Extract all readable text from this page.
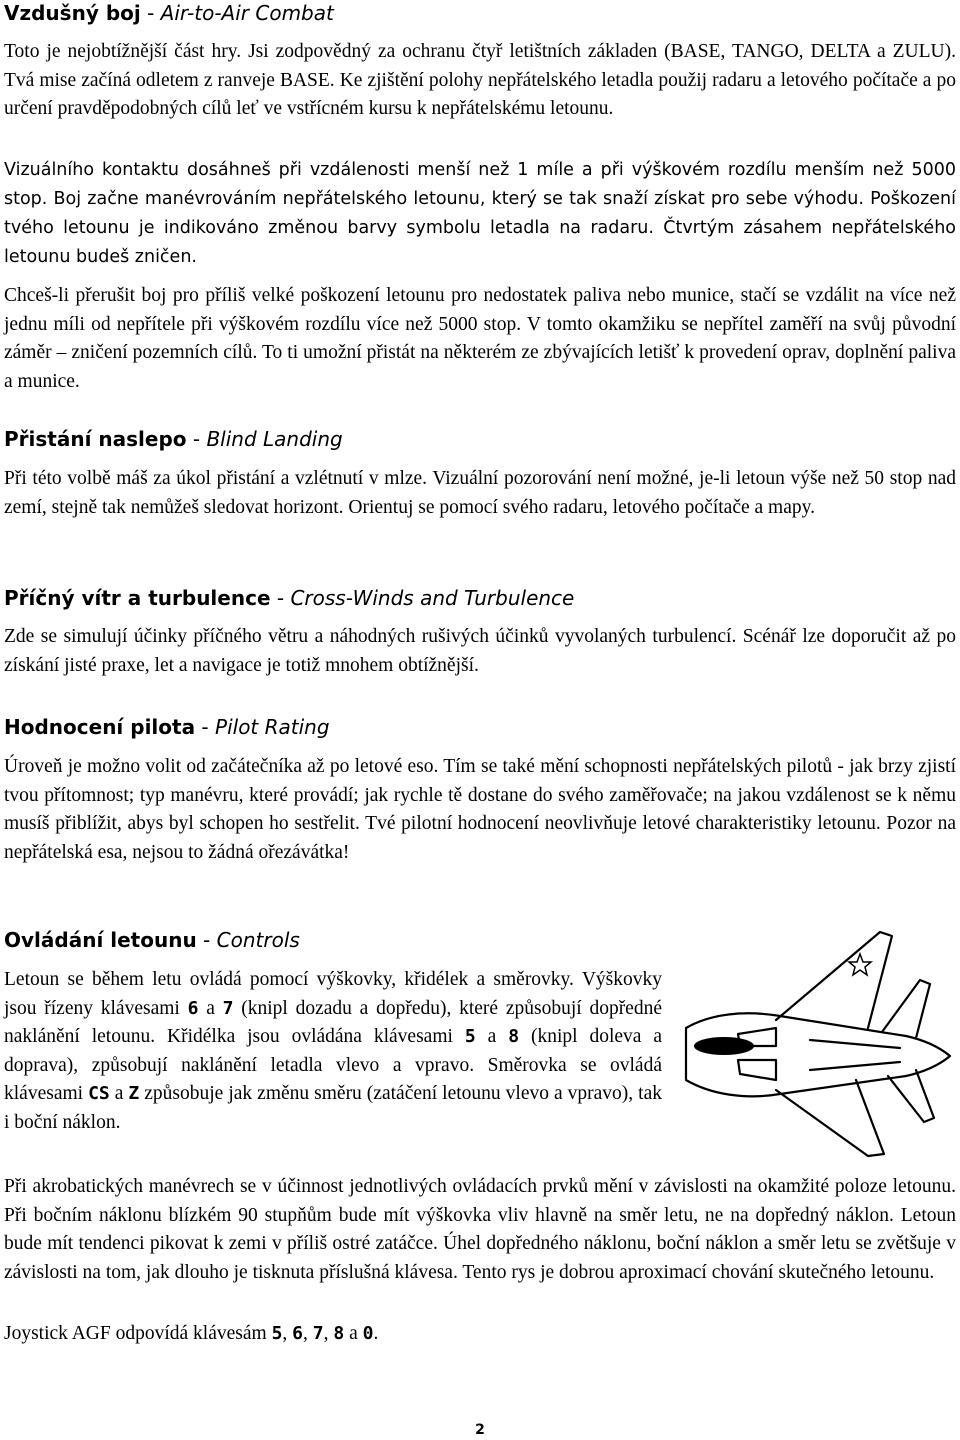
Vzdušný boj - Air-to-Air Combat

Toto je nejobtížnější část hry. Jsi zodpovědný za ochranu čtyř letištních základen (BASE, TANGO, DELTA a ZULU). Tvá mise začíná odletem z ranveje BASE. Ke zjištění polohy nepřátelského letadla použij radaru a letového počítače a po určení pravděpodobných cílů leť ve vstřícném kursu k nepřátelskému letounu.

Vizuálního kontaktu dosáhneš při vzdálenosti menší než 1 míle a při výškovém rozdílu menším než 5000 stop. Boj začne manévrováním nepřátelského letounu, který se tak snaží získat pro sebe výhodu. Poškození tvého letounu je indikováno změnou barvy symbolu letadla na radaru. Čtvrtým zásahem nepřátelského letounu budeš zničen.

Chceš-li přerušit boj pro příliš velké poškození letounu pro nedostatek paliva nebo munice, stačí se vzdálit na více než jednu míli od nepřítele při výškovém rozdílu více než 5000 stop. V tomto okamžiku se nepřítel zaměří na svůj původní záměr – zničení pozemních cílů. To ti umožní přistát na některém ze zbývajících letišť k provedení oprav, doplnění paliva a munice.

Přistání naslepo - Blind Landing

Při této volbě máš za úkol přistání a vzlétnutí v mlze. Vizuální pozorování není možné, je-li letoun výše než 50 stop nad zemí, stejně tak nemůžeš sledovat horizont. Orientuj se pomocí svého radaru, letového počítače a mapy.

Příčný vítr a turbulence - Cross-Winds and Turbulence

Zde se simulují účinky příčného větru a náhodných rušivých účinků vyvolaných turbulencí. Scénář lze doporučit až po získání jisté praxe, let a navigace je totiž mnohem obtížnější.

Hodnocení pilota - Pilot Rating

Úroveň je možno volit od začátečníka až po letové eso. Tím se také mění schopnosti nepřátelských pilotů - jak brzy zjistí tvou přítomnost; typ manévru, které provádí; jak rychle tě dostane do svého zaměřovače; na jakou vzdálenost se k němu musíš přiblížit, abys byl schopen ho sestřelit. Tvé pilotní hodnocení neovlivňuje letové charakteristiky letounu. Pozor na nepřátelská esa, nejsou to žádná ořezávátka!

Ovládání letounu - Controls

Letoun se během letu ovládá pomocí výškovky, křidélek a směrovky. Výškovky jsou řízeny klávesami 6 a 7 (knipl dozadu a dopředu), které způsobují dopředné naklánění letounu. Křidélka jsou ovládána klávesami 5 a 8 (knipl doleva a doprava), způsobují naklánění letadla vlevo a vpravo. Směrovka se ovládá klávesami CS a Z způsobuje jak změnu směru (zatáčení letounu vlevo a vpravo), tak i boční náklon.

Při akrobatických manévrech se v účinnost jednotlivých ovládacích prvků mění v závislosti na okamžité poloze letounu. Při bočním náklonu blízkém 90 stupňům bude mít výškovka vliv hlavně na směr letu, ne na dopředný náklon. Letoun bude mít tendenci pikovat k zemi v příliš ostré zatáčce. Úhel dopředného náklonu, boční náklon a směr letu se zvětšuje v závislosti na tom, jak dlouho je tisknuta příslušná klávesa. Tento rys je dobrou aproximací chování skutečného letounu.

Joystick AGF odpovídá klávesám 5, 6, 7, 8 a 0.

2
